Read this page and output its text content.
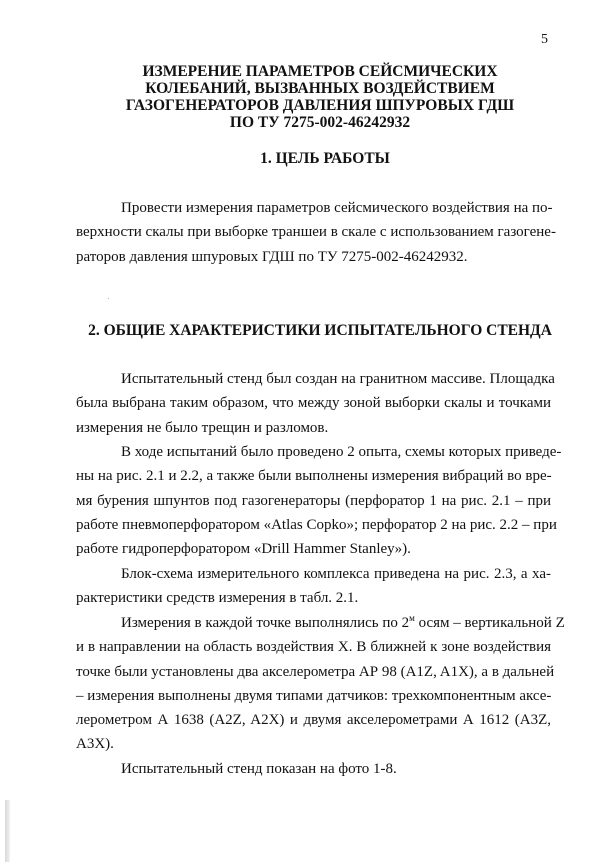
5
ИЗМЕРЕНИЕ ПАРАМЕТРОВ СЕЙСМИЧЕСКИХ
КОЛЕБАНИЙ, ВЫЗВАННЫХ ВОЗДЕЙСТВИЕМ
ГАЗОГЕНЕРАТОРОВ ДАВЛЕНИЯ ШПУРОВЫХ ГДШ
ПО ТУ 7275-002-46242932
1. ЦЕЛЬ РАБОТЫ
Провести измерения параметров сейсмического воздействия на по-
верхности скалы при выборке траншеи в скале с использованием газогене-
раторов давления шпуровых ГДШ по ТУ 7275-002-46242932.
2. ОБЩИЕ ХАРАКТЕРИСТИКИ ИСПЫТАТЕЛЬНОГО СТЕНДА
Испытательный стенд был создан на гранитном массиве. Площадка
была выбрана таким образом, что между зоной выборки скалы и точками
измерения не было трещин и разломов.
В ходе испытаний было проведено 2 опыта, схемы которых приведе-
ны на рис. 2.1 и 2.2, а также были выполнены измерения вибраций во вре-
мя бурения шпунтов под газогенераторы (перфоратор 1 на рис. 2.1 – при
работе пневмоперфоратором «Atlas Copko»; перфоратор 2 на рис. 2.2 – при
работе гидроперфоратором «Drill Hammer Stanley»).
Блок-схема измерительного комплекса приведена на рис. 2.3, а ха-
рактеристики средств измерения в табл. 2.1.
Измерения в каждой точке выполнялись по $2^м$ осям – вертикальной Z
и в направлении на область воздействия X. В ближней к зоне воздействия
точке были установлены два акселерометра АР 98 (A1Z, A1X), а в дальней
– измерения выполнены двумя типами датчиков: трехкомпонентным аксе-
лерометром А 1638 (A2Z, A2X) и двумя акселерометрами А 1612 (A3Z,
A3X).
Испытательный стенд показан на фото 1-8.
